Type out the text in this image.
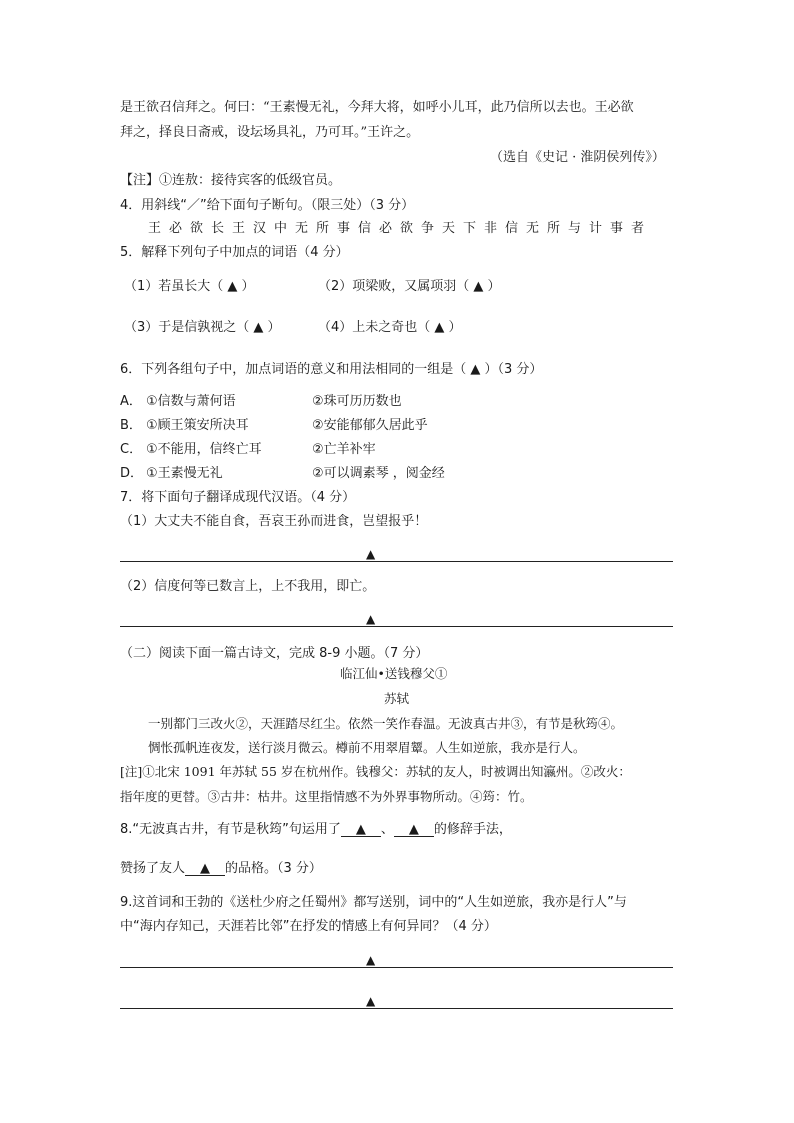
是王欲召信拜之。何曰：“王素慢无礼，今拜大将，如呼小儿耳，此乃信所以去也。王必欲
拜之，择良日斋戒，设坛场具礼，乃可耳。”王许之。
（选自《史记 · 淮阴侯列传》）
【注】①连敖：接待宾客的低级官员。
4．用斜线“／”给下面句子断句。（限三处）（3 分）
王必欲长王汉中无所事信必欲争天下非信无所与计事者
5．解释下列句子中加点的词语（4 分）
（1）若虽长大（ ▲ ）	（2）项梁败，又属项羽（ ▲ ）
（3）于是信孰视之（ ▲ ）	（4）上未之奇也（ ▲ ）
6．下列各组句子中，加点词语的意义和用法相同的一组是（ ▲ ）（3 分）
A． ①信数与萧何语	②珠可历历数也
B． ①顾王策安所决耳	②安能郁郁久居此乎
C． ①不能用，信终亡耳	②亡羊补牢
D． ①王素慢无礼	②可以调素琴 ，阅金经
7．将下面句子翻译成现代汉语。（4 分）
（1）大丈夫不能自食，吾哀王孙而进食，岂望报乎！
▲
（2）信度何等已数言上，上不我用，即亡。
▲
（二）阅读下面一篇古诗文，完成 8-9 小题。（7 分）
临江仙•送钱穆父①
苏轼
一别都门三改火②，天涯踏尽红尘。依然一笑作春温。无波真古井③，有节是秋筠④。
惆怅孤帆连夜发，送行淡月微云。樽前不用翠眉颦。人生如逆旅，我亦是行人。
[注]①北宋 1091 年苏轼 55 岁在杭州作。钱穆父：苏轼的友人，时被调出知瀛州。②改火：
指年度的更替。③古井：枯井。这里指情感不为外界事物所动。④筠：竹。
8.“无波真古井，有节是秋筠”句运用了 ▲ 、 ▲ 的修辞手法，
赞扬了友人 ▲ 的品格。（3 分）
9.这首词和王勃的《送杜少府之任蜀州》都写送别，词中的“人生如逆旅，我亦是行人”与
中“海内存知己，天涯若比邻”在抒发的情感上有何异同？（4 分）
▲
▲
